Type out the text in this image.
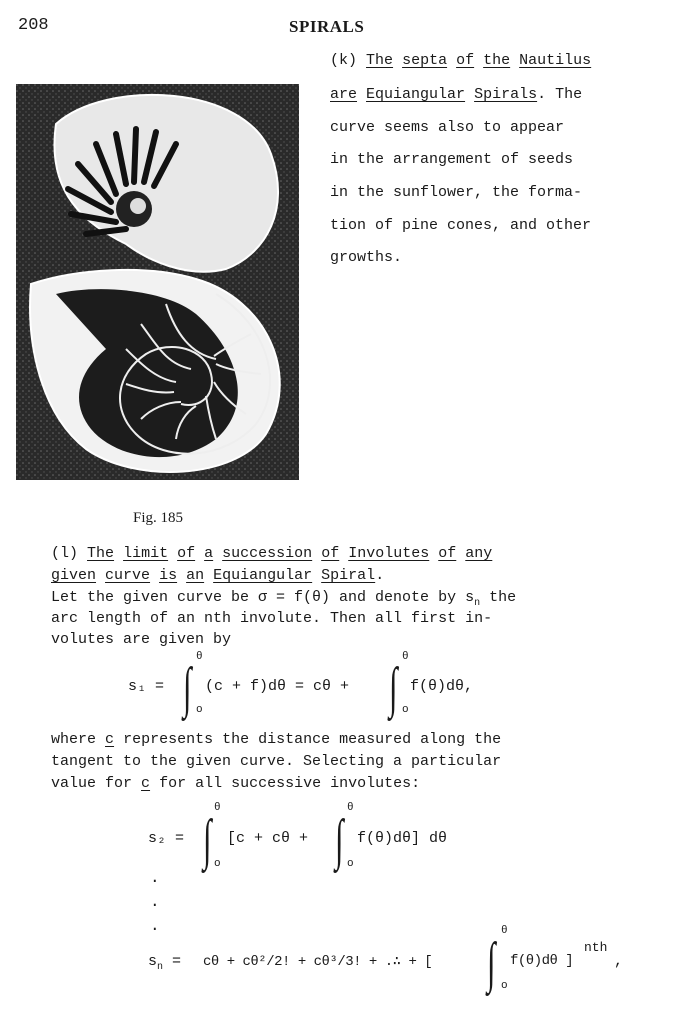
208	SPIRALS
(k) The septa of the Nautilus
are Equiangular Spirals. The
curve seems also to appear
in the arrangement of seeds
in the sunflower, the forma-
tion of pine cones, and other
growths.
Fig. 185
(l) The limit of a succession of Involutes of any
given curve is an Equiangular Spiral.
Let the given curve be σ = f(θ) and denote by $s_n$ the
arc length of an nth involute. Then all first in-
volutes are given by
s₁ = ∫ θ
o
(c + f)dθ = cθ + ∫ θ
o
f(θ)dθ,
where c represents the distance measured along the
tangent to the given curve. Selecting a particular
value for c for all successive involutes:
s₂ = ∫
θ
o
[c + cθ + ∫
θ
o
f(θ)dθ] dθ
·
·
·
$s_n = c\theta + c\theta^2/2$! + cθ³/3! + .∴ + [ ∫
θ
o
f(θ)dθ ]
nth
,
